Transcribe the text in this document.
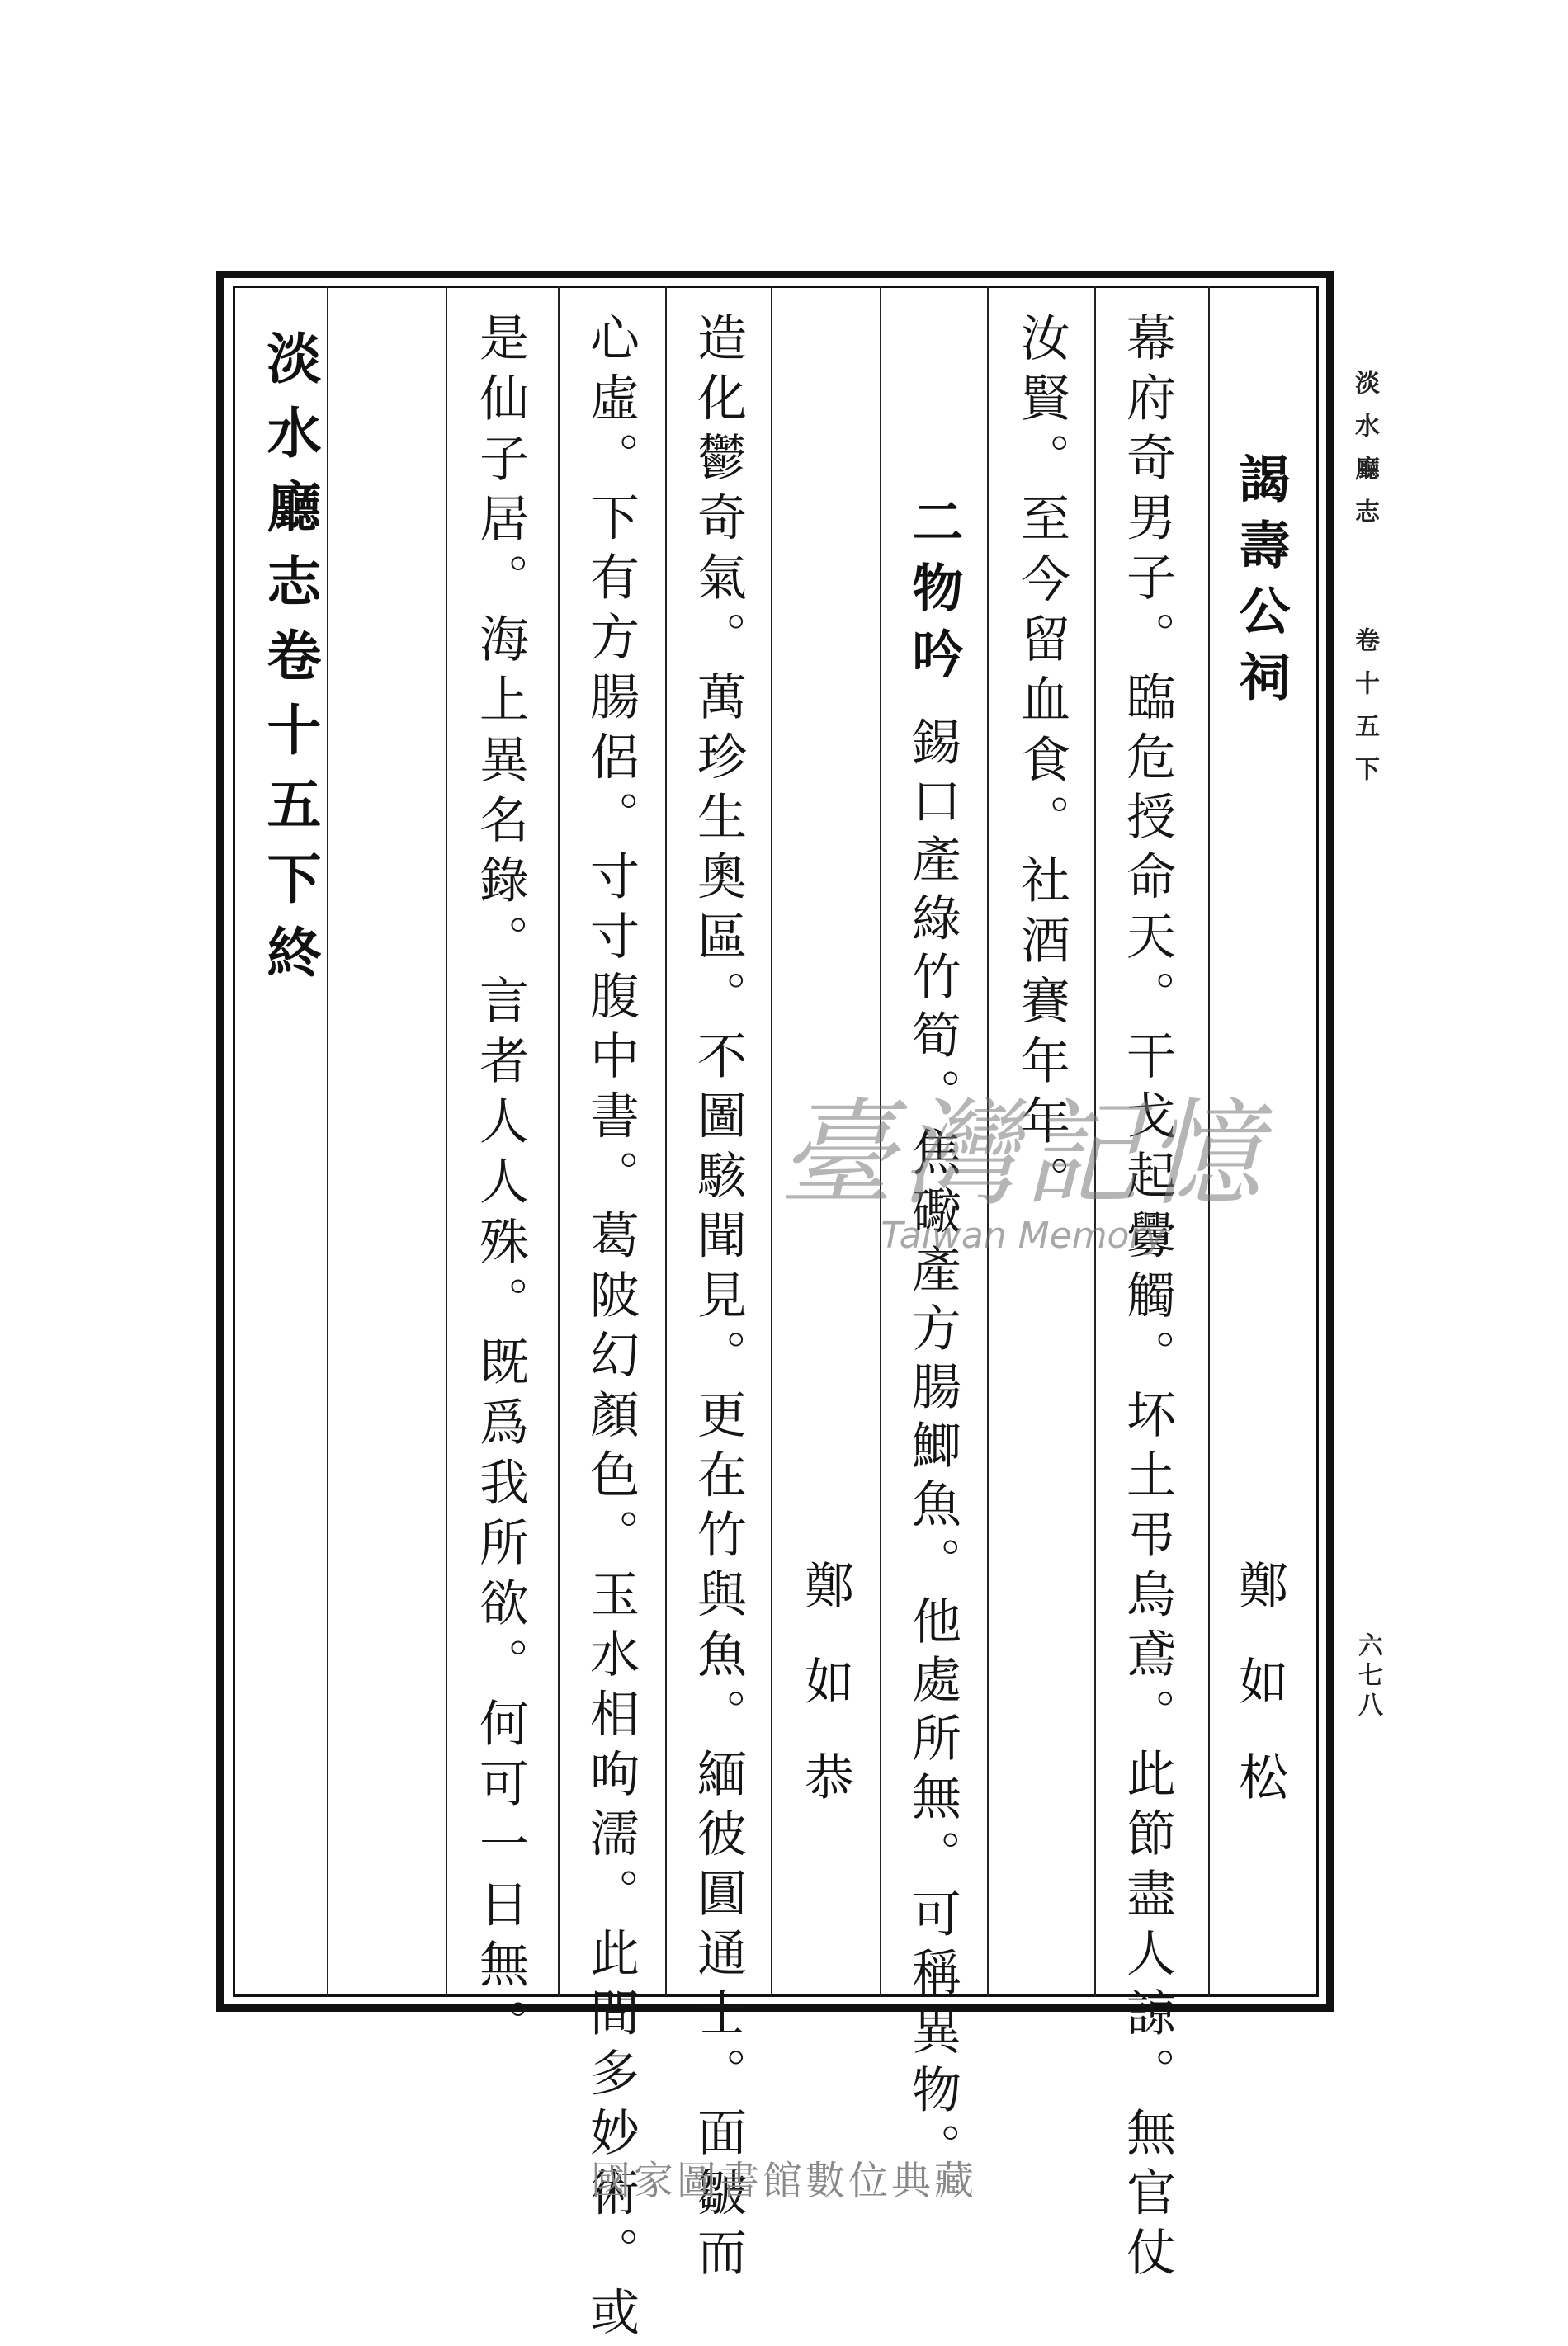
淡水廳志
卷十五下
六七八
謁壽公祠
鄭如松
幕府奇男子。臨危授命天。干戈起釁觸。坏土弔烏鳶。此節盡人諒。無官仗
汝賢。至今留血食。社酒賽年年。
二物吟
錫口產綠竹筍。焦礮產方腸鯽魚。他處所無。可稱異物。
鄭如恭
造化鬱奇氣。萬珍生奧區。不圖駭聞見。更在竹與魚。緬彼圓通士。面皺而
心虛。下有方腸侶。寸寸腹中書。葛陂幻顏色。玉水相呴濡。此間多妙術。或
是仙子居。海上異名錄。言者人人殊。既爲我所欲。何可一日無。
淡水廳志卷十五下終
臺灣記憶
Taiwan Memory
國家圖書館數位典藏
